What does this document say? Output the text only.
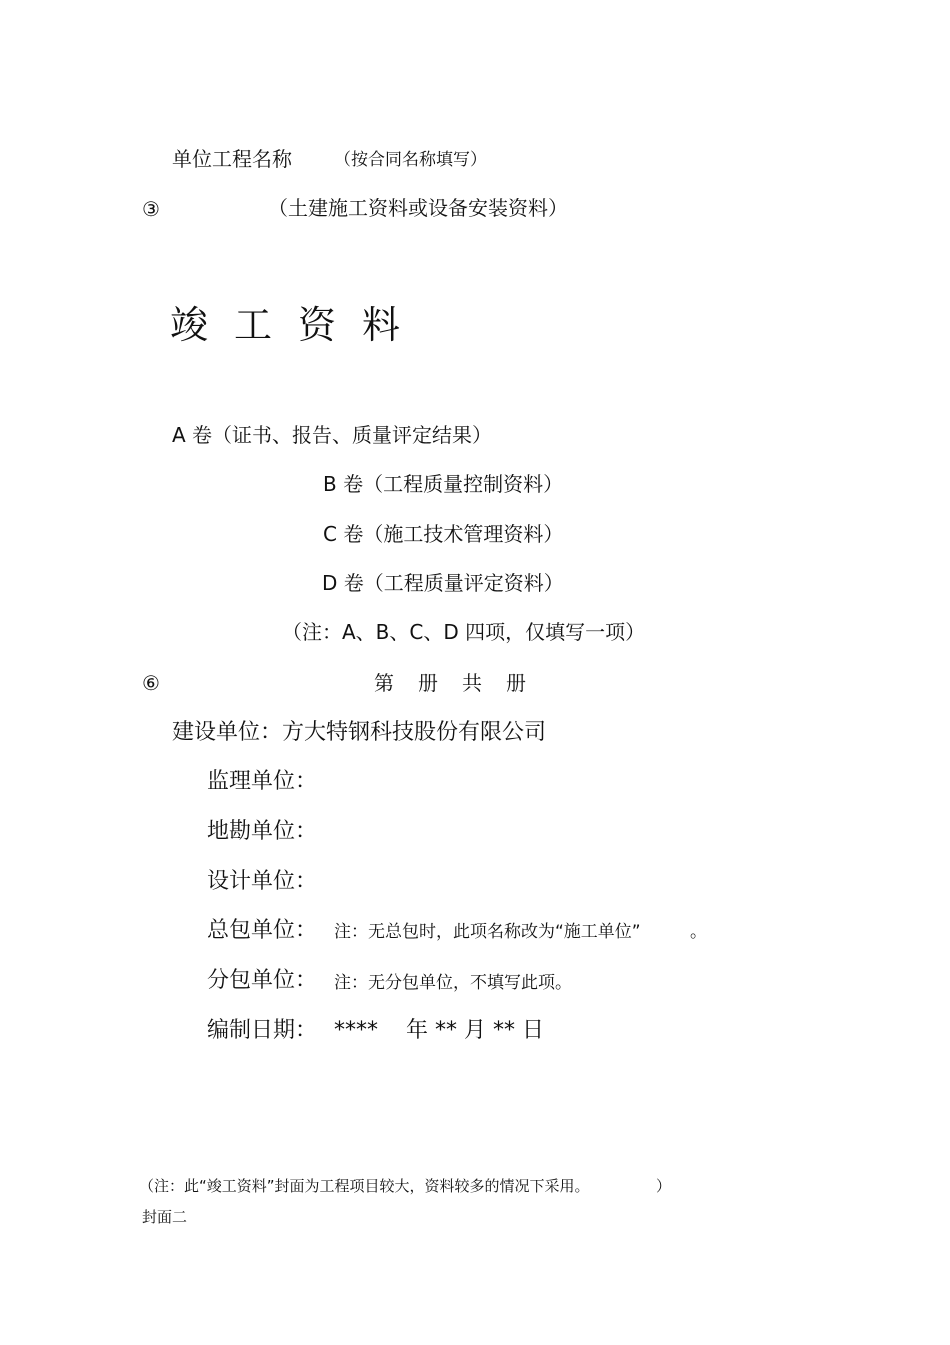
单位工程名称 （按合同名称填写）
③	（土建施工资料或设备安装资料）
竣工资料
A 卷（证书、报告、质量评定结果）
B 卷（工程质量控制资料）
C 卷（施工技术管理资料）
D 卷（工程质量评定资料）
（注：A、B、C、D 四项，仅填写一项）
⑥	第册共册
建设单位：方大特钢科技股份有限公司
监理单位：
地勘单位：
设计单位：
总包单位： 注：无总包时，此项名称改为“施工单位”	。
分包单位： 注：无分包单位，不填写此项。
编制日期： ****    年 ** 月 ** 日
（注：此“竣工资料”封面为工程项目较大，资料较多的情况下采用。	）
封面二
